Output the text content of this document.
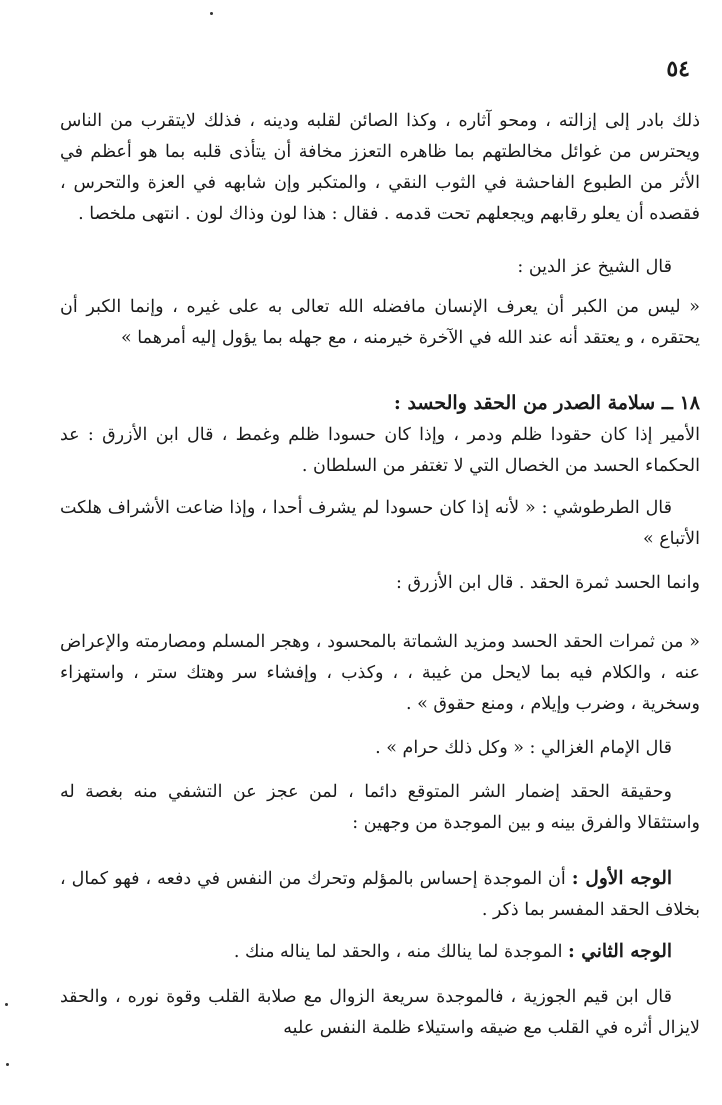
٥٤

ذلك بادر إلى إزالته ، ومحو آثاره ، وكذا الصائن لقلبه ودينه ، فذلك لايتقرب من الناس ويحترس من غوائل مخالطتهم بما ظاهره التعزز مخافة أن يتأذى قلبه بما هو أعظم في الأثر من الطبوع الفاحشة في الثوب النقي ، والمتكبر وإن شابهه في العزة والتحرس ، فقصده أن يعلو رقابهم ويجعلهم تحت قدمه . فقال : هذا لون وذاك لون . انتهى ملخصا .

قال الشيخ عز الدين :

« ليس من الكبر أن يعرف الإنسان مافضله الله تعالى به على غيره ، وإنما الكبر أن يحتقره ، و يعتقد أنه عند الله في الآخرة خيرمنه ، مع جهله بما يؤول إليه أمرهما »

١٨ ــ سلامة الصدر من الحقد والحسد :

الأمير إذا كان حقودا ظلم ودمر ، وإذا كان حسودا ظلم وغمط ، قال ابن الأزرق : عد الحكماء الحسد من الخصال التي لا تغتفر من السلطان .

قال الطرطوشي : « لأنه إذا كان حسودا لم يشرف أحدا ، وإذا ضاعت الأشراف هلكت الأتباع »

وانما الحسد ثمرة الحقد . قال ابن الأزرق :

« من ثمرات الحقد الحسد ومزيد الشماتة بالمحسود ، وهجر المسلم ومصارمته والإعراض عنه ، والكلام فيه بما لايحل من غيبة ، ، وكذب ، وإفشاء سر وهتك ستر ، واستهزاء وسخرية ، وضرب وإيلام ، ومنع حقوق » .

قال الإمام الغزالي : « وكل ذلك حرام » .

وحقيقة الحقد إضمار الشر المتوقع دائما ، لمن عجز عن التشفي منه بغصة له واستثقالا والفرق بينه و بين الموجدة من وجهين :

الوجه الأول : أن الموجدة إحساس بالمؤلم وتحرك من النفس في دفعه ، فهو كمال ، بخلاف الحقد المفسر بما ذكر .

الوجه الثاني : الموجدة لما ينالك منه ، والحقد لما يناله منك .

قال ابن قيم الجوزية ، فالموجدة سريعة الزوال مع صلابة القلب وقوة نوره ، والحقد لايزال أثره في القلب مع ضيقه واستيلاء ظلمة النفس عليه
